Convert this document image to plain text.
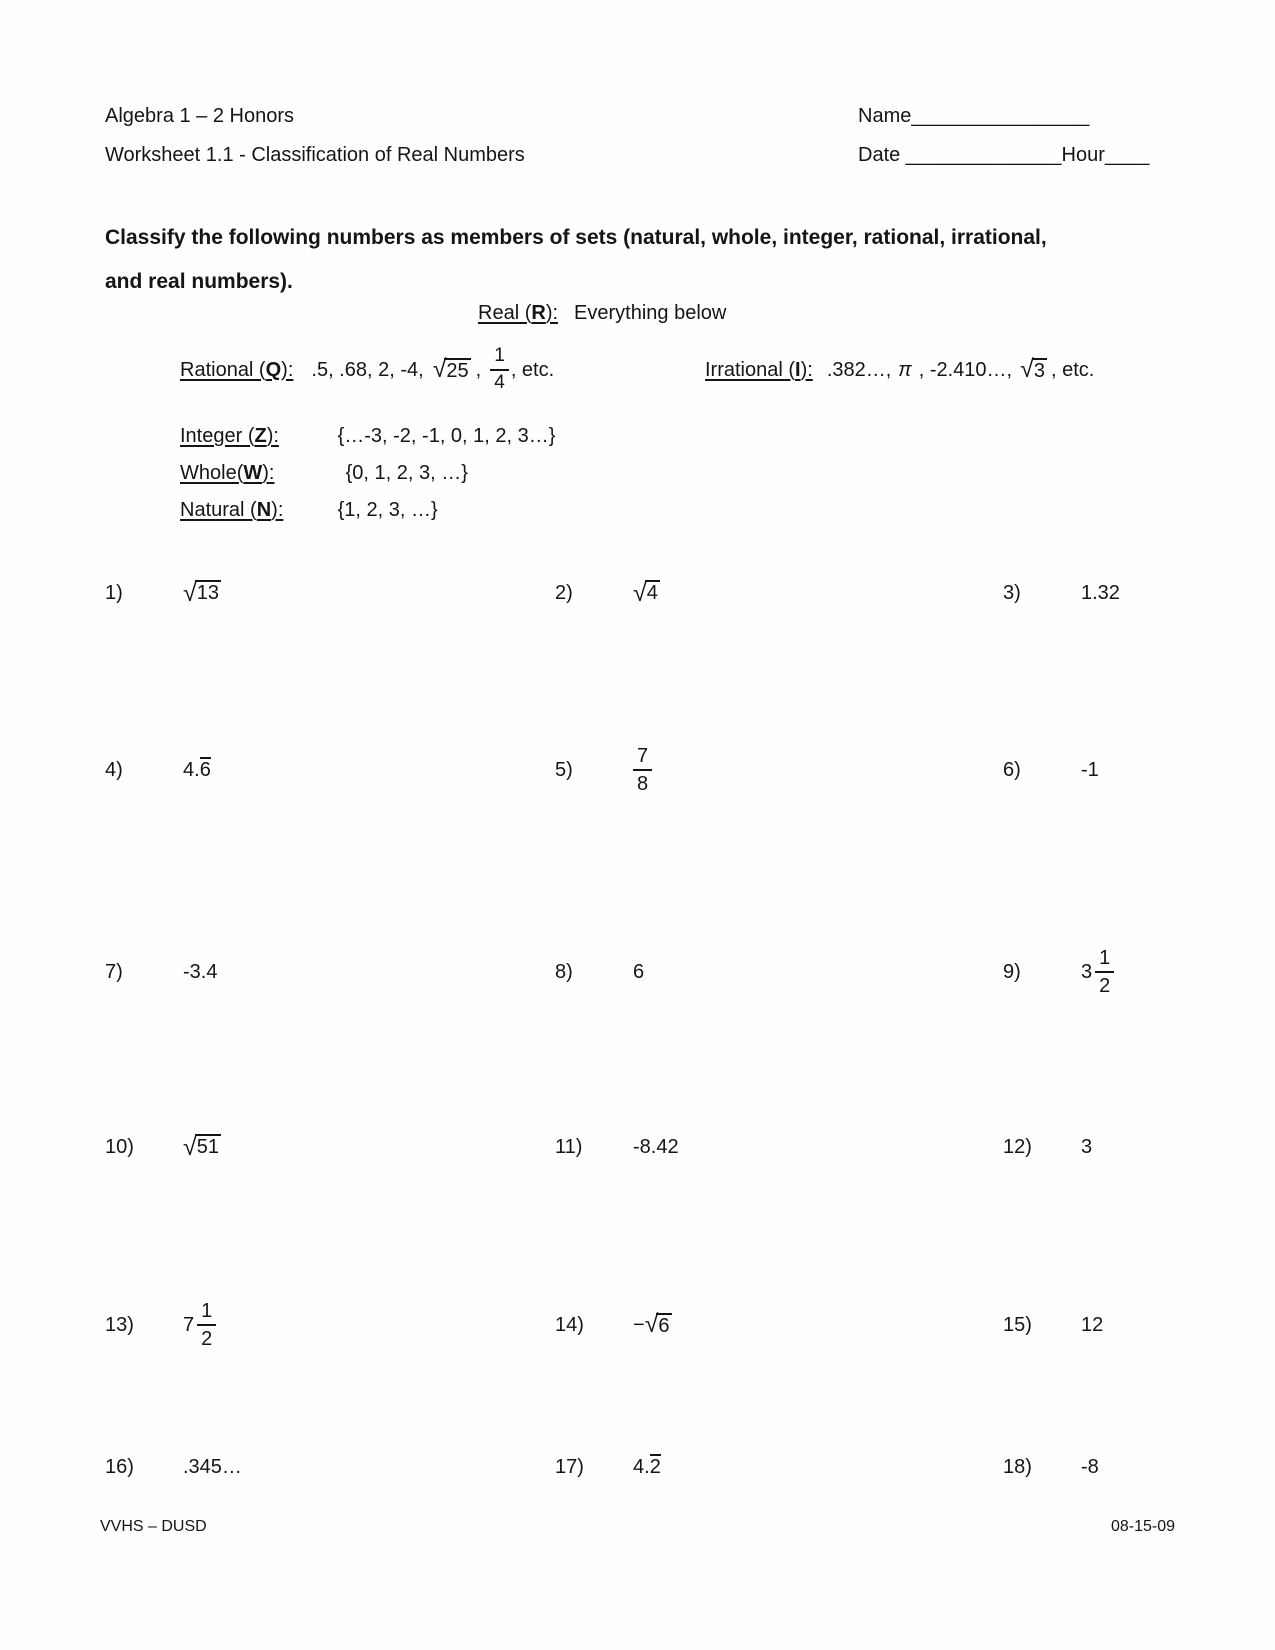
Algebra 1 – 2 Honors
Worksheet 1.1 - Classification of Real Numbers
Name________________
Date ______________Hour____
Classify the following numbers as members of sets (natural, whole, integer, rational, irrational,
and real numbers).
Real (R): Everything below
Rational (Q): .5, .68, 2, -4, √ 25 , $\frac{1}{4}$ , etc.	Irrational (I): .382…, π , -2.410…, √ 3 , etc.
Integer (Z):	{…-3, -2, -1, 0, 1, 2, 3…}
Whole(W):	{0, 1, 2, 3, …}
Natural (N):	{1, 2, 3, …}
1)	√ 13	2)	√ 4	3)	1.32
4)	4. 6	5)	$\frac{7}{8}$	6)	-1
7)	-3.4	8)	6	9)	$3 \frac{1}{2}$
10)	√ 51	11)	-8.42	12)	3
13)	$7 \frac{1}{2}$	14)	− √ 6	15)	12
16)	.345…	17)	4. 2	18)	-8
VVHS – DUSD	08-15-09
